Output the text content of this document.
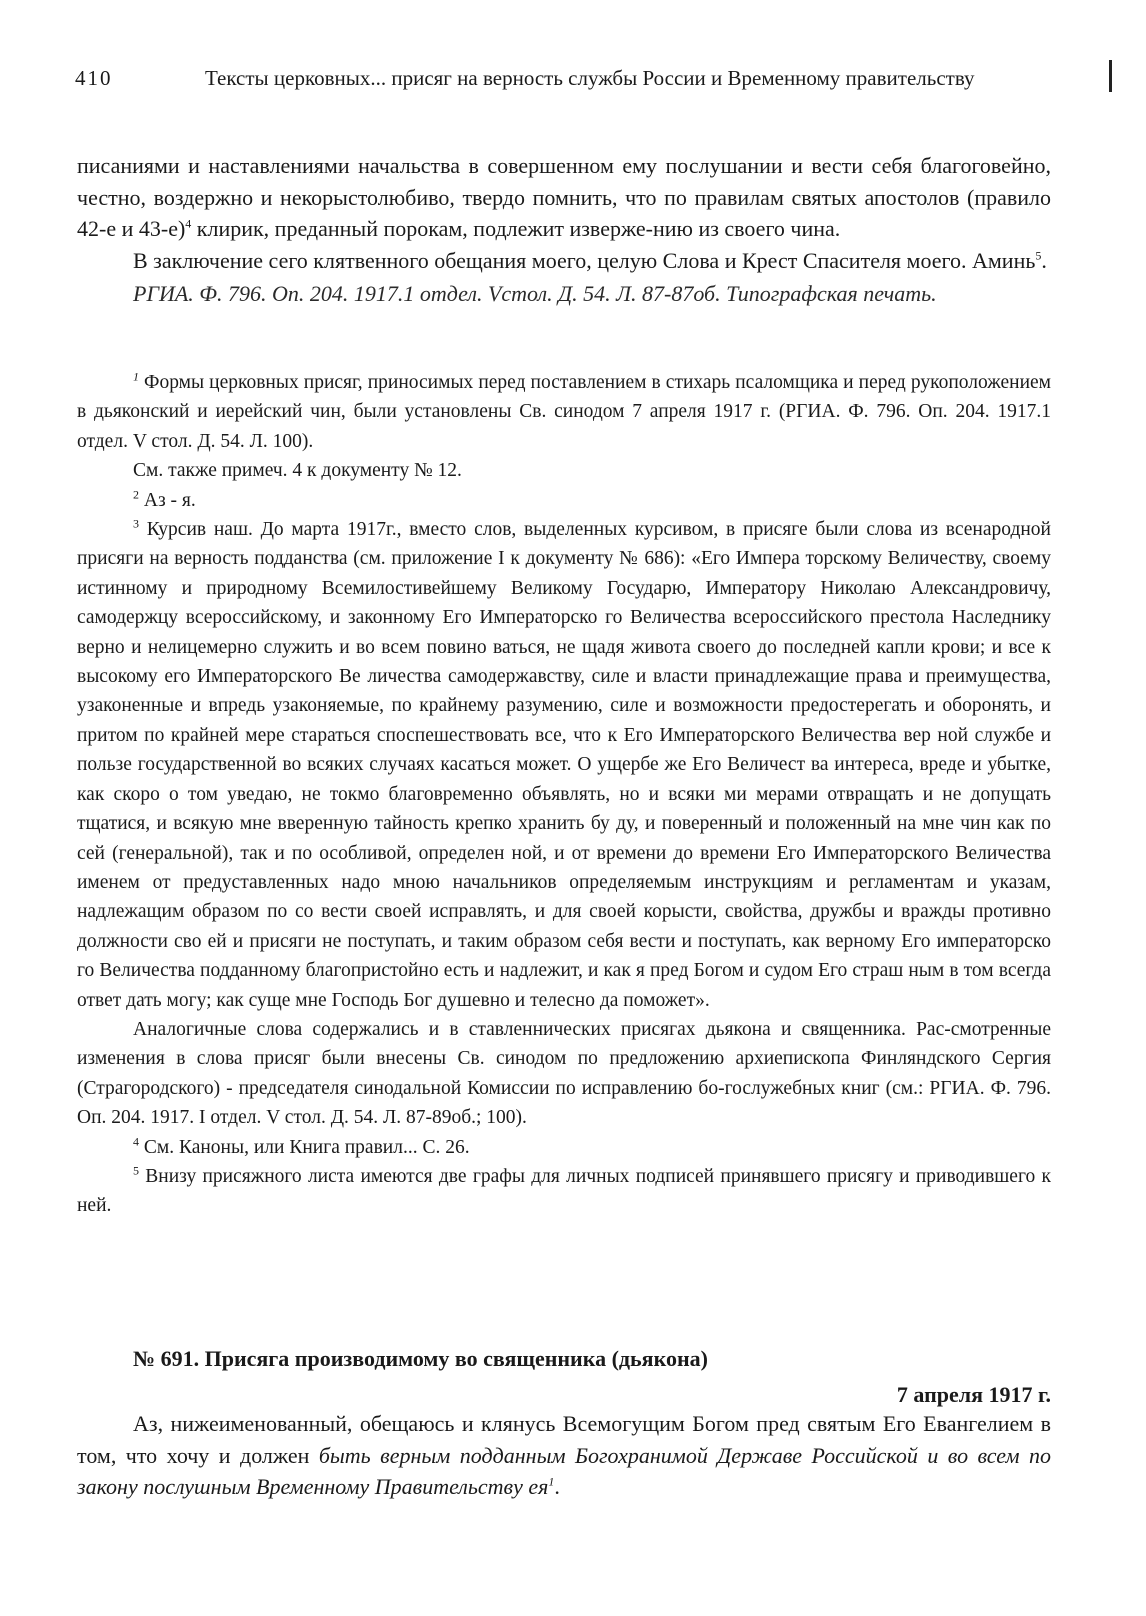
410	Тексты церковных... присяг на верность службы России и Временному правительству

писаниями и наставлениями начальства в совершенном ему послушании и вести себя благоговейно, честно, воздержно и некорыстолюбиво, твердо помнить, что по правилам святых апостолов (правило 42-е и 43-е)$^4$ клирик, преданный порокам, подлежит изверже-нию из своего чина.

В заключение сего клятвенного обещания моего, целую Слова и Крест Спасителя моего. Аминь$^5$.

РГИА. Ф. 796. Оп. 204. 1917.1 отдел. Vстол. Д. 54. Л. 87-87об. Типографская печать.

$^1$ Формы церковных присяг, приносимых перед поставлением в стихарь псаломщика и перед рукоположением в дьяконский и иерейский чин, были установлены Св. синодом 7 апреля 1917 г. (РГИА. Ф. 796. Оп. 204. 1917.1 отдел. V стол. Д. 54. Л. 100).

См. также примеч. 4 к документу № 12.

$^2$ Аз - я.

$^3$ Курсив наш. До марта 1917г., вместо слов, выделенных курсивом, в присяге были слова из всенародной присяги на верность подданства (см. приложение I к документу № 686): «Его Импера торскому Величеству, своему истинному и природному Всемилостивейшему Великому Государю, Императору Николаю Александровичу, самодержцу всероссийскому, и законному Его Императорско го Величества всероссийского престола Наследнику верно и нелицемерно служить и во всем повино ваться, не щадя живота своего до последней капли крови; и все к высокому его Императорского Ве личества самодержавству, силе и власти принадлежащие права и преимущества, узаконенные и впредь узаконяемые, по крайнему разумению, силе и возможности предостерегать и оборонять, и притом по крайней мере стараться споспешествовать все, что к Его Императорского Величества вер ной службе и пользе государственной во всяких случаях касаться может. О ущербе же Его Величест ва интереса, вреде и убытке, как скоро о том уведаю, не токмо благовременно объявлять, но и всяки ми мерами отвращать и не допущать тщатися, и всякую мне вверенную тайность крепко хранить бу ду, и поверенный и положенный на мне чин как по сей (генеральной), так и по особливой, определен ной, и от времени до времени Его Императорского Величества именем от предуставленных надо мною начальников определяемым инструкциям и регламентам и указам, надлежащим образом по со вести своей исправлять, и для своей корысти, свойства, дружбы и вражды противно должности сво ей и присяги не поступать, и таким образом себя вести и поступать, как верному Его императорско го Величества подданному благопристойно есть и надлежит, и как я пред Богом и судом Его страш ным в том всегда ответ дать могу; как суще мне Господь Бог душевно и телесно да поможет».

Аналогичные слова содержались и в ставленнических присягах дьякона и священника. Рас-смотренные изменения в слова присяг были внесены Св. синодом по предложению архиепископа Финляндского Сергия (Страгородского) - председателя синодальной Комиссии по исправлению бо-гослужебных книг (см.: РГИА. Ф. 796. Оп. 204. 1917. I отдел. V стол. Д. 54. Л. 87-89об.; 100).

$^4$ См. Каноны, или Книга правил... С. 26.

$^5$ Внизу присяжного листа имеются две графы для личных подписей принявшего присягу и приводившего к ней.

№ 691. Присяга производимому во священника (дьякона)

7 апреля 1917 г.

Аз, нижеименованный, обещаюсь и клянусь Всемогущим Богом пред святым Его Евангелием в том, что хочу и должен быть верным подданным Богохранимой Державе Российской и во всем по закону послушным Временному Правительству $ея^1$.
